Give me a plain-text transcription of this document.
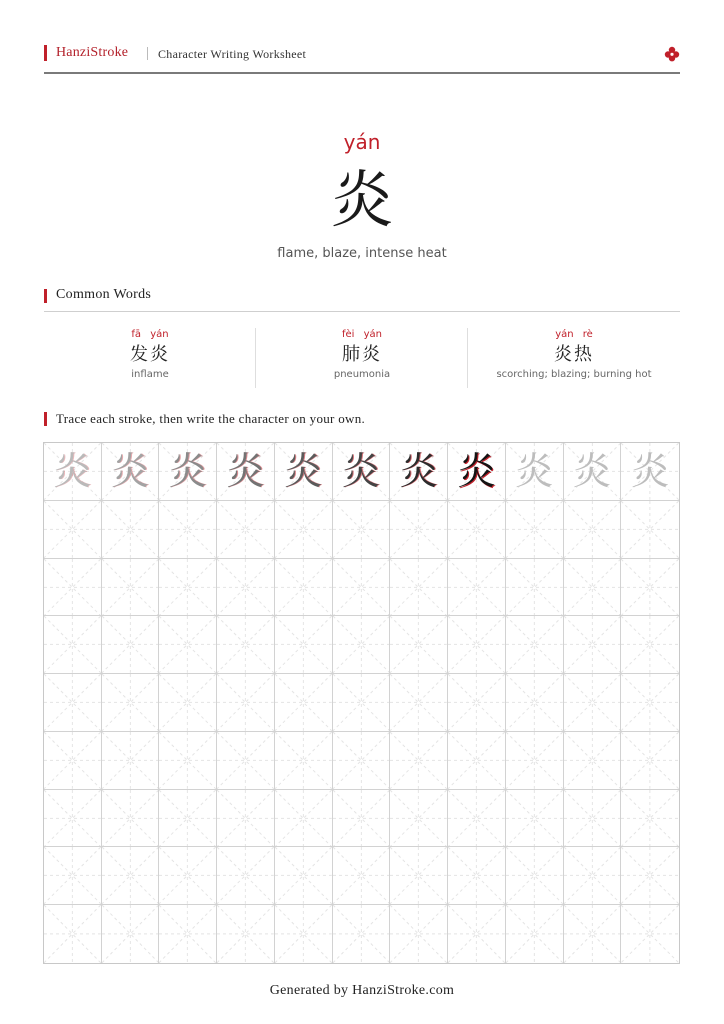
HanziStroke Character Writing Worksheet
yán
炎
flame, blaze, intense heat
Common Words
fā yán
发炎
inflame
fèi yán
肺炎
pneumonia
yán rè
炎热
scorching; blazing; burning hot
Trace each stroke, then write the character on your own.
炎 炎 炎 炎 炎 炎 炎 炎 炎 炎 炎
Generated by HanziStroke.com
